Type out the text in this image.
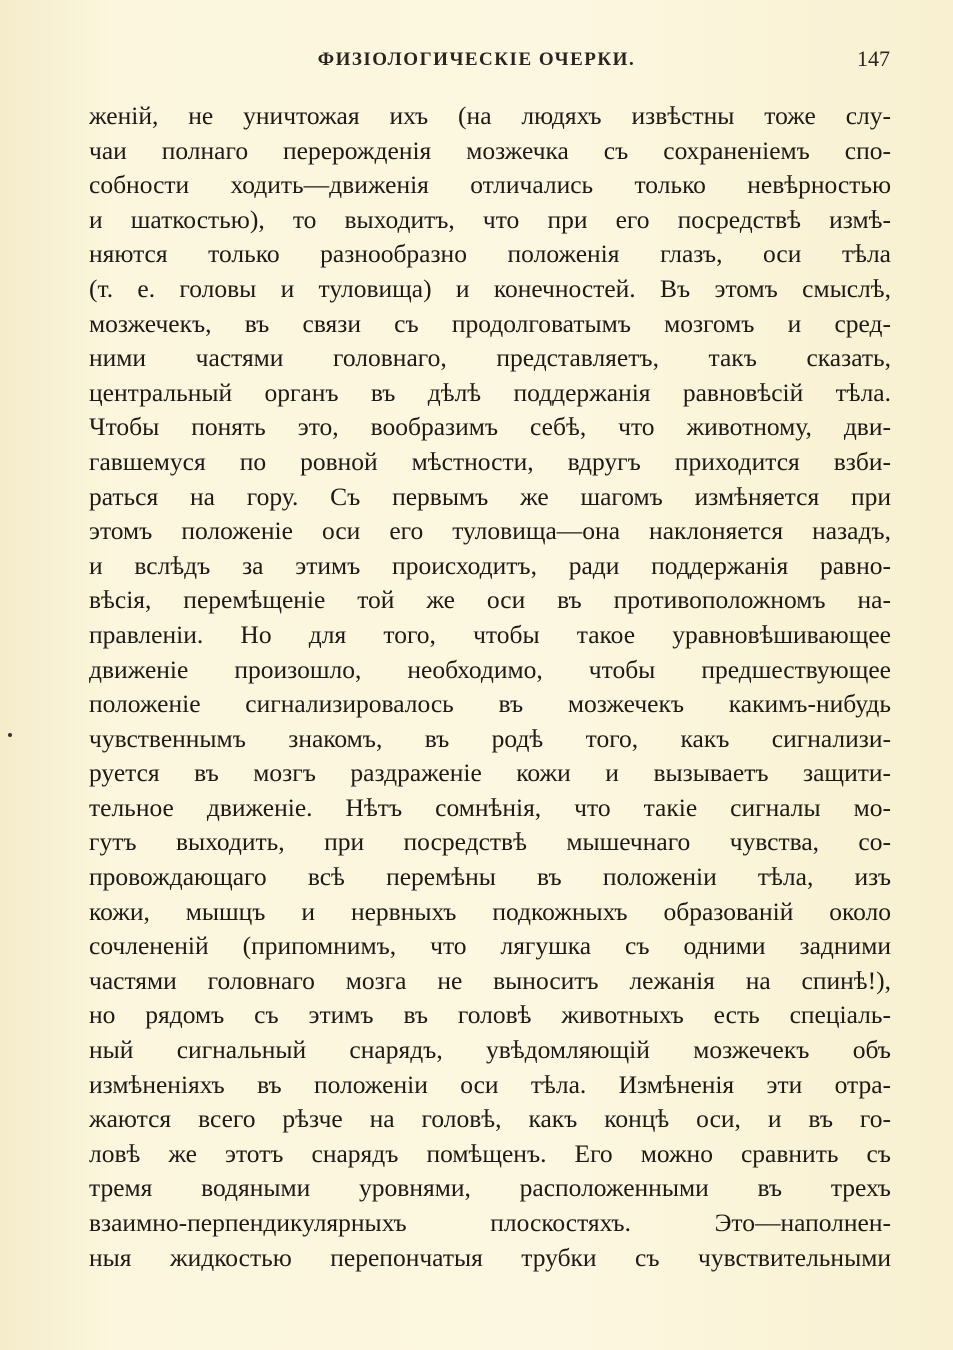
ФИЗІОЛОГИЧЕСКІЕ ОЧЕРКИ.	147

женій, не уничтожая ихъ (на людяхъ извѣстны тоже слу-
чаи полнаго перерожденія мозжечка съ сохраненіемъ спо-
собности ходить—движенія отличались только невѣрностью
и шаткостью), то выходитъ, что при его посредствѣ измѣ-
няются только разнообразно положенія глазъ, оси тѣла
(т. е. головы и туловища) и конечностей. Въ этомъ смыслѣ,
мозжечекъ, въ связи съ продолговатымъ мозгомъ и сред-
ними частями головнаго, представляетъ, такъ сказать,
центральный органъ въ дѣлѣ поддержанія равновѣсій тѣла.
Чтобы понять это, вообразимъ себѣ, что животному, дви-
гавшемуся по ровной мѣстности, вдругъ приходится взби-
раться на гору. Съ первымъ же шагомъ измѣняется при
этомъ положеніе оси его туловища—она наклоняется назадъ,
и вслѣдъ за этимъ происходитъ, ради поддержанія равно-
вѣсія, перемѣщеніе той же оси въ противоположномъ на-
правленіи. Но для того, чтобы такое уравновѣшивающее
движеніе произошло, необходимо, чтобы предшествующее
положеніе сигнализировалось въ мозжечекъ какимъ-нибудь
чувственнымъ знакомъ, въ родѣ того, какъ сигнализи-
руется въ мозгъ раздраженіе кожи и вызываетъ защити-
тельное движеніе. Нѣтъ сомнѣнія, что такіе сигналы мо-
гутъ выходить, при посредствѣ мышечнаго чувства, со-
провождающаго всѣ перемѣны въ положеніи тѣла, изъ
кожи, мышцъ и нервныхъ подкожныхъ образованій около
сочлененій (припомнимъ, что лягушка съ одними задними
частями головнаго мозга не выноситъ лежанія на спинѣ!),
но рядомъ съ этимъ въ головѣ животныхъ есть спеціаль-
ный сигнальный снарядъ, увѣдомляющій мозжечекъ объ
измѣненіяхъ въ положеніи оси тѣла. Измѣненія эти отра-
жаются всего рѣзче на головѣ, какъ концѣ оси, и въ го-
ловѣ же этотъ снарядъ помѣщенъ. Его можно сравнить съ
тремя водяными уровнями, расположенными въ трехъ
взаимно-перпендикулярныхъ плоскостяхъ. Это—наполнен-
ныя жидкостью перепончатыя трубки съ чувствительными
